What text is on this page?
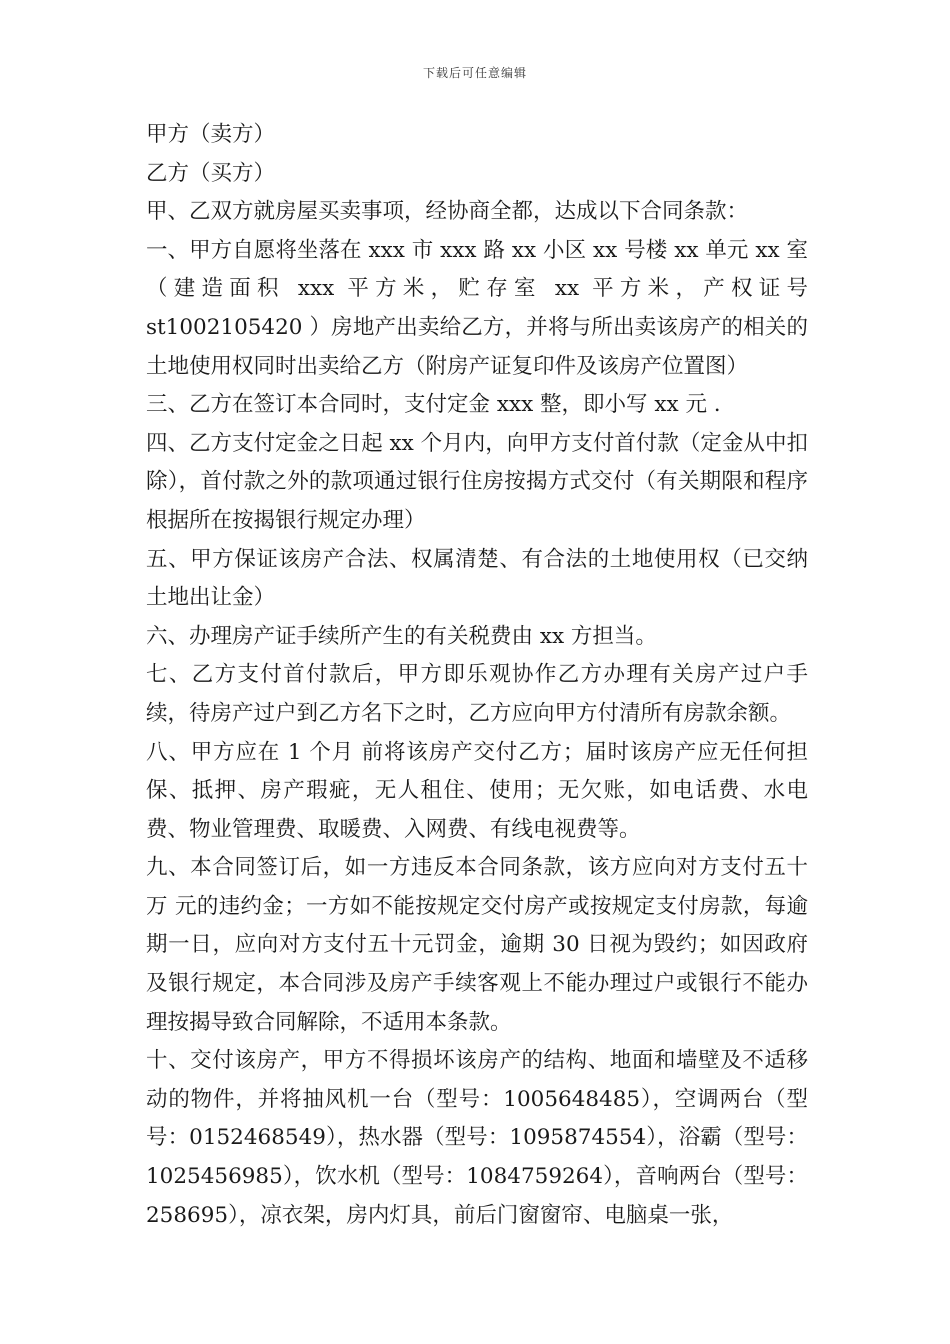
下载后可任意编辑

甲方（卖方）

乙方（买方）

甲、乙双方就房屋买卖事项，经协商全都，达成以下合同条款：

一、甲方自愿将坐落在 xxx 市 xxx 路 xx 小区 xx 号楼 xx 单元 xx 室（建造面积 xxx 平方米，贮存室 xx 平方米，产权证号 st1002105420 ）房地产出卖给乙方，并将与所出卖该房产的相关的土地使用权同时出卖给乙方（附房产证复印件及该房产位置图）

三、乙方在签订本合同时，支付定金 xxx 整，即小写 xx 元 .

四、乙方支付定金之日起 xx 个月内，向甲方支付首付款（定金从中扣除），首付款之外的款项通过银行住房按揭方式交付（有关期限和程序根据所在按揭银行规定办理）

五、甲方保证该房产合法、权属清楚、有合法的土地使用权（已交纳土地出让金）

六、办理房产证手续所产生的有关税费由 xx 方担当。

七、乙方支付首付款后，甲方即乐观协作乙方办理有关房产过户手续，待房产过户到乙方名下之时，乙方应向甲方付清所有房款余额。

八、甲方应在 1 个月 前将该房产交付乙方；届时该房产应无任何担保、抵押、房产瑕疵，无人租住、使用；无欠账，如电话费、水电费、物业管理费、取暖费、入网费、有线电视费等。

九、本合同签订后，如一方违反本合同条款，该方应向对方支付五十万 元的违约金；一方如不能按规定交付房产或按规定支付房款，每逾期一日，应向对方支付五十元罚金，逾期 30 日视为毁约；如因政府及银行规定，本合同涉及房产手续客观上不能办理过户或银行不能办理按揭导致合同解除，不适用本条款。

十、交付该房产，甲方不得损坏该房产的结构、地面和墙壁及不适移动的物件，并将抽风机一台（型号：1005648485），空调两台（型号：0152468549），热水器（型号：1095874554），浴霸（型号：1025456985），饮水机（型号：1084759264），音响两台（型号：258695），凉衣架，房内灯具，前后门窗窗帘、电脑桌一张，
